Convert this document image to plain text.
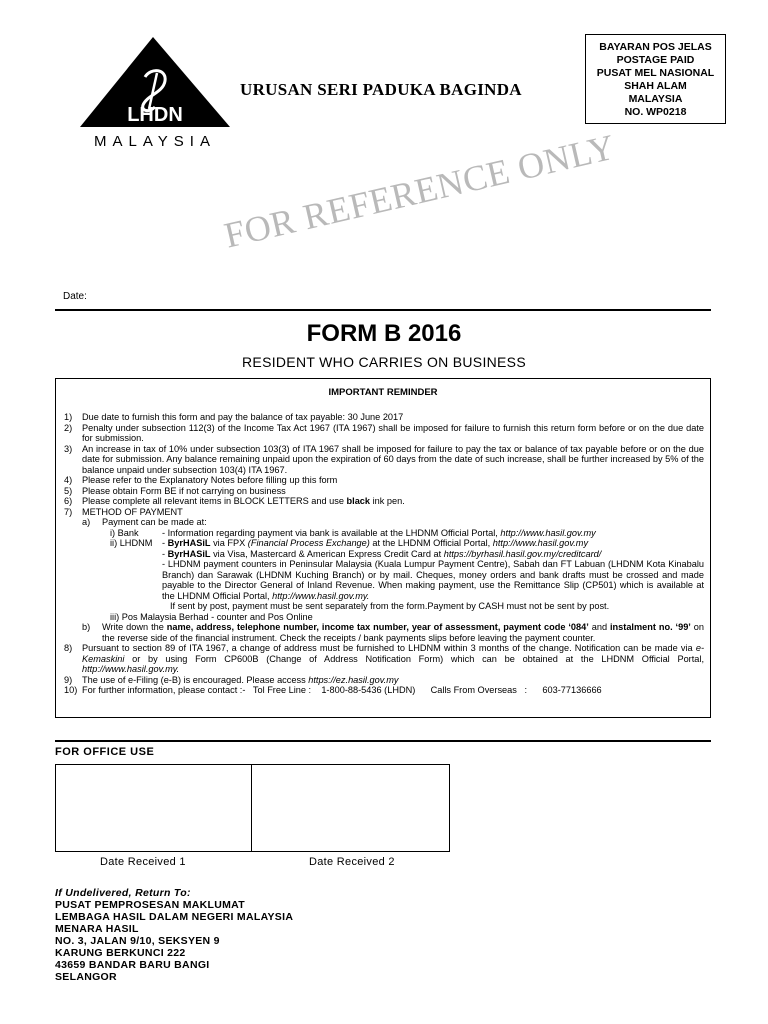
LHDN
MALAYSIA
URUSAN SERI PADUKA BAGINDA
BAYARAN POS JELAS
POSTAGE PAID
PUSAT MEL NASIONAL
SHAH ALAM
MALAYSIA
NO. WP0218
FOR REFERENCE ONLY
Date:
FORM B 2016
RESIDENT WHO CARRIES ON BUSINESS
IMPORTANT REMINDER
1)	Due date to furnish this form and pay the balance of tax payable: 30 June 2017
2)	Penalty under subsection 112(3) of the Income Tax Act 1967 (ITA 1967) shall be imposed for failure to furnish this return form before or on the due date for submission.
3)	An increase in tax of 10% under subsection 103(3) of ITA 1967 shall be imposed for failure to pay the tax or balance of tax payable before or on the due date for submission. Any balance remaining unpaid upon the expiration of 60 days from the date of such increase, shall be further increased by 5% of the balance unpaid under subsection 103(4) ITA 1967.
4)	Please refer to the Explanatory Notes before filling up this form
5)	Please obtain Form BE if not carrying on business
6)	Please complete all relevant items in BLOCK LETTERS and use black ink pen.
7)	METHOD OF PAYMENT
a)	Payment can be made at:
i) Bank	- Information regarding payment via bank is available at the LHDNM Official Portal, http://www.hasil.gov.my
ii) LHDNM	- ByrHASiL via FPX (Financial Process Exchange) at the LHDNM Official Portal, http://www.hasil.gov.my
- ByrHASiL via Visa, Mastercard & American Express Credit Card at https://byrhasil.hasil.gov.my/creditcard/
- LHDNM payment counters in Peninsular Malaysia (Kuala Lumpur Payment Centre), Sabah dan FT Labuan (LHDNM Kota Kinabalu Branch) dan Sarawak (LHDNM Kuching Branch) or by mail. Cheques, money orders and bank drafts must be crossed and made payable to the Director General of Inland Revenue. When making payment, use the Remittance Slip (CP501) which is available at the LHDNM Official Portal, http://www.hasil.gov.my.
If sent by post, payment must be sent separately from the form.Payment by CASH must not be sent by post.
iii) Pos Malaysia Berhad - counter and Pos Online
b)	Write down the name, address, telephone number, income tax number, year of assessment, payment code ‘084’ and instalment no. ‘99’ on the reverse side of the financial instrument. Check the receipts / bank payments slips before leaving the payment counter.
8)	Pursuant to section 89 of ITA 1967, a change of address must be furnished to LHDNM within 3 months of the change. Notification can be made via e-Kemaskini or by using Form CP600B (Change of Address Notification Form) which can be obtained at the LHDNM Official Portal, http://www.hasil.gov.my.
9)	The use of e-Filing (e-B) is encouraged. Please access https://ez.hasil.gov.my
10) For further information, please contact :-   Tol Free Line :    1-800-88-5436 (LHDN)      Calls From Overseas   :      603-77136666
FOR OFFICE USE
Date Received 1	Date Received 2
If Undelivered, Return To:
PUSAT PEMPROSESAN MAKLUMAT
LEMBAGA HASIL DALAM NEGERI MALAYSIA
MENARA HASIL
NO. 3, JALAN 9/10, SEKSYEN 9
KARUNG BERKUNCI 222
43659 BANDAR BARU BANGI
SELANGOR
